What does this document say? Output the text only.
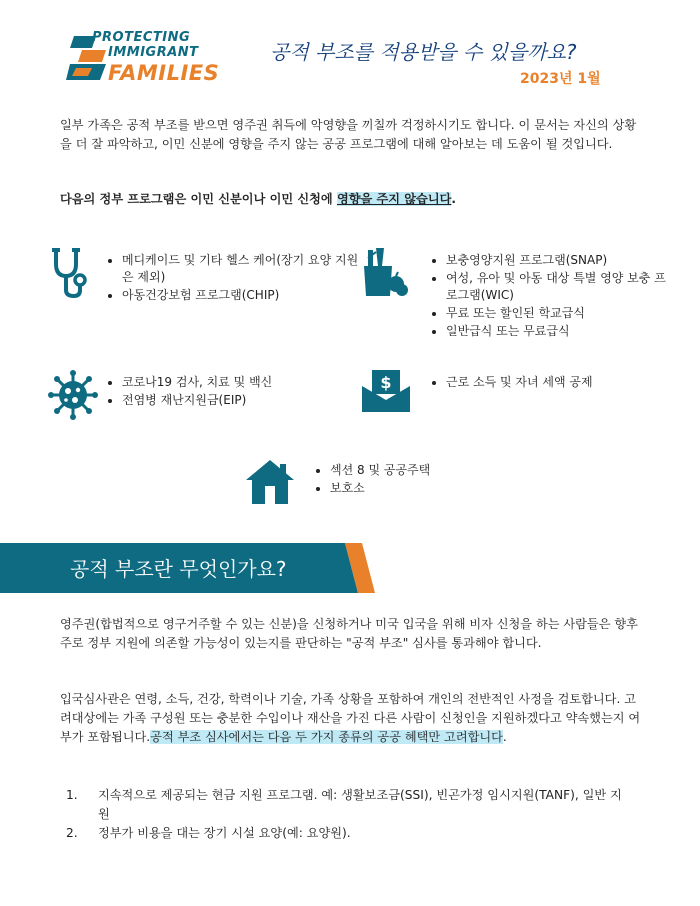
PROTECTING
IMMIGRANT
FAMILIES
공적 부조를 적용받을 수 있을까요?
2023년 1월
일부 가족은 공적 부조를 받으면 영주권 취득에 악영향을 끼칠까 걱정하시기도 합니다. 이 문서는 자신의 상황을 더 잘 파악하고, 이민 신분에 영향을 주지 않는 공공 프로그램에 대해 알아보는 데 도움이 될 것입니다.
다음의 정부 프로그램은 이민 신분이나 이민 신청에 영향을 주지 않습니다.
• 메디케이드 및 기타 헬스 케어(장기 요양 지원은 제외)
• 아동건강보험 프로그램(CHIP)
• 보충영양지원 프로그램(SNAP)
• 여성, 유아 및 아동 대상 특별 영양 보충 프로그램(WIC)
• 무료 또는 할인된 학교급식
• 일반급식 또는 무료급식
• 코로나19 검사, 치료 및 백신
• 전염병 재난지원금(EIP)
$
•	근로 소득 및 자녀 세액 공제
• 섹션 8 및 공공주택
• 보호소
공적 부조란 무엇인가요?
영주권(합법적으로 영구거주할 수 있는 신분)을 신청하거나 미국 입국을 위해 비자 신청을 하는 사람들은 향후 주로 정부 지원에 의존할 가능성이 있는지를 판단하는 "공적 부조" 심사를 통과해야 합니다.
입국심사관은 연령, 소득, 건강, 학력이나 기술, 가족 상황을 포함하여 개인의 전반적인 사정을 검토합니다. 고려대상에는 가족 구성원 또는 충분한 수입이나 재산을 가진 다른 사람이 신청인을 지원하겠다고 약속했는지 여부가 포함됩니다.공적 부조 심사에서는 다음 두 가지 종류의 공공 혜택만 고려합니다.
1. 지속적으로 제공되는 현금 지원 프로그램. 예: 생활보조금(SSI), 빈곤가정 임시지원(TANF), 일반 지원
2. 정부가 비용을 대는 장기 시설 요양(예: 요양원).
